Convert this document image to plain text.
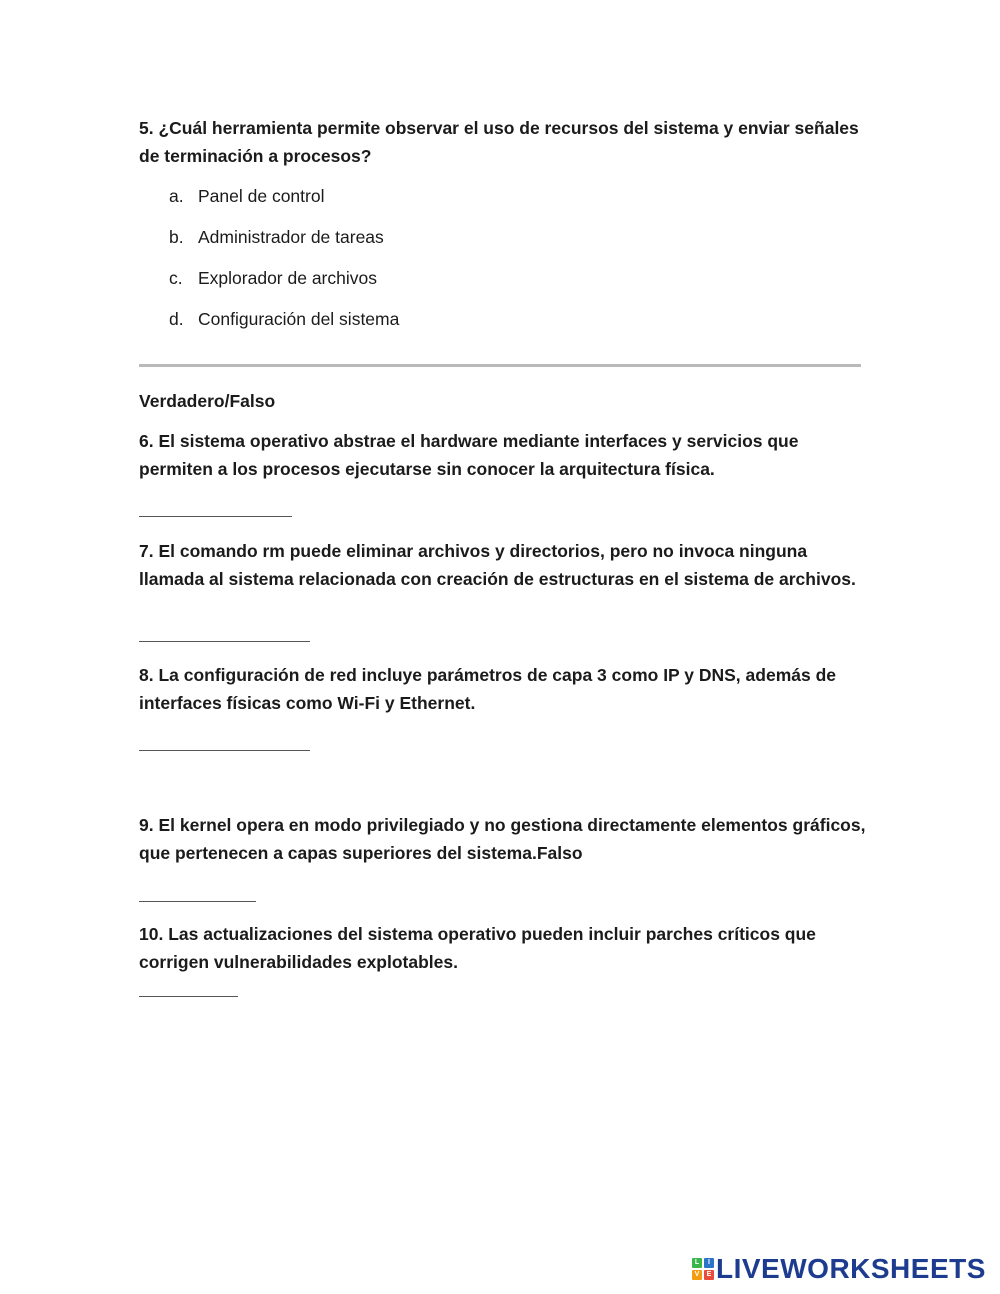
5. ¿Cuál herramienta permite observar el uso de recursos del sistema y enviar señales de terminación a procesos?

a. Panel de control
b. Administrador de tareas
c. Explorador de archivos
d. Configuración del sistema
Verdadero/Falso

6. El sistema operativo abstrae el hardware mediante interfaces y servicios que permiten a los procesos ejecutarse sin conocer la arquitectura física.

7. El comando rm puede eliminar archivos y directorios, pero no invoca ninguna llamada al sistema relacionada con creación de estructuras en el sistema de archivos.

8. La configuración de red incluye parámetros de capa 3 como IP y DNS, además de interfaces físicas como Wi-Fi y Ethernet.

9. El kernel opera en modo privilegiado y no gestiona directamente elementos gráficos, que pertenecen a capas superiores del sistema.Falso

10. Las actualizaciones del sistema operativo pueden incluir parches críticos que corrigen vulnerabilidades explotables.

L	I
V	E LIVEWORKSHEETS
